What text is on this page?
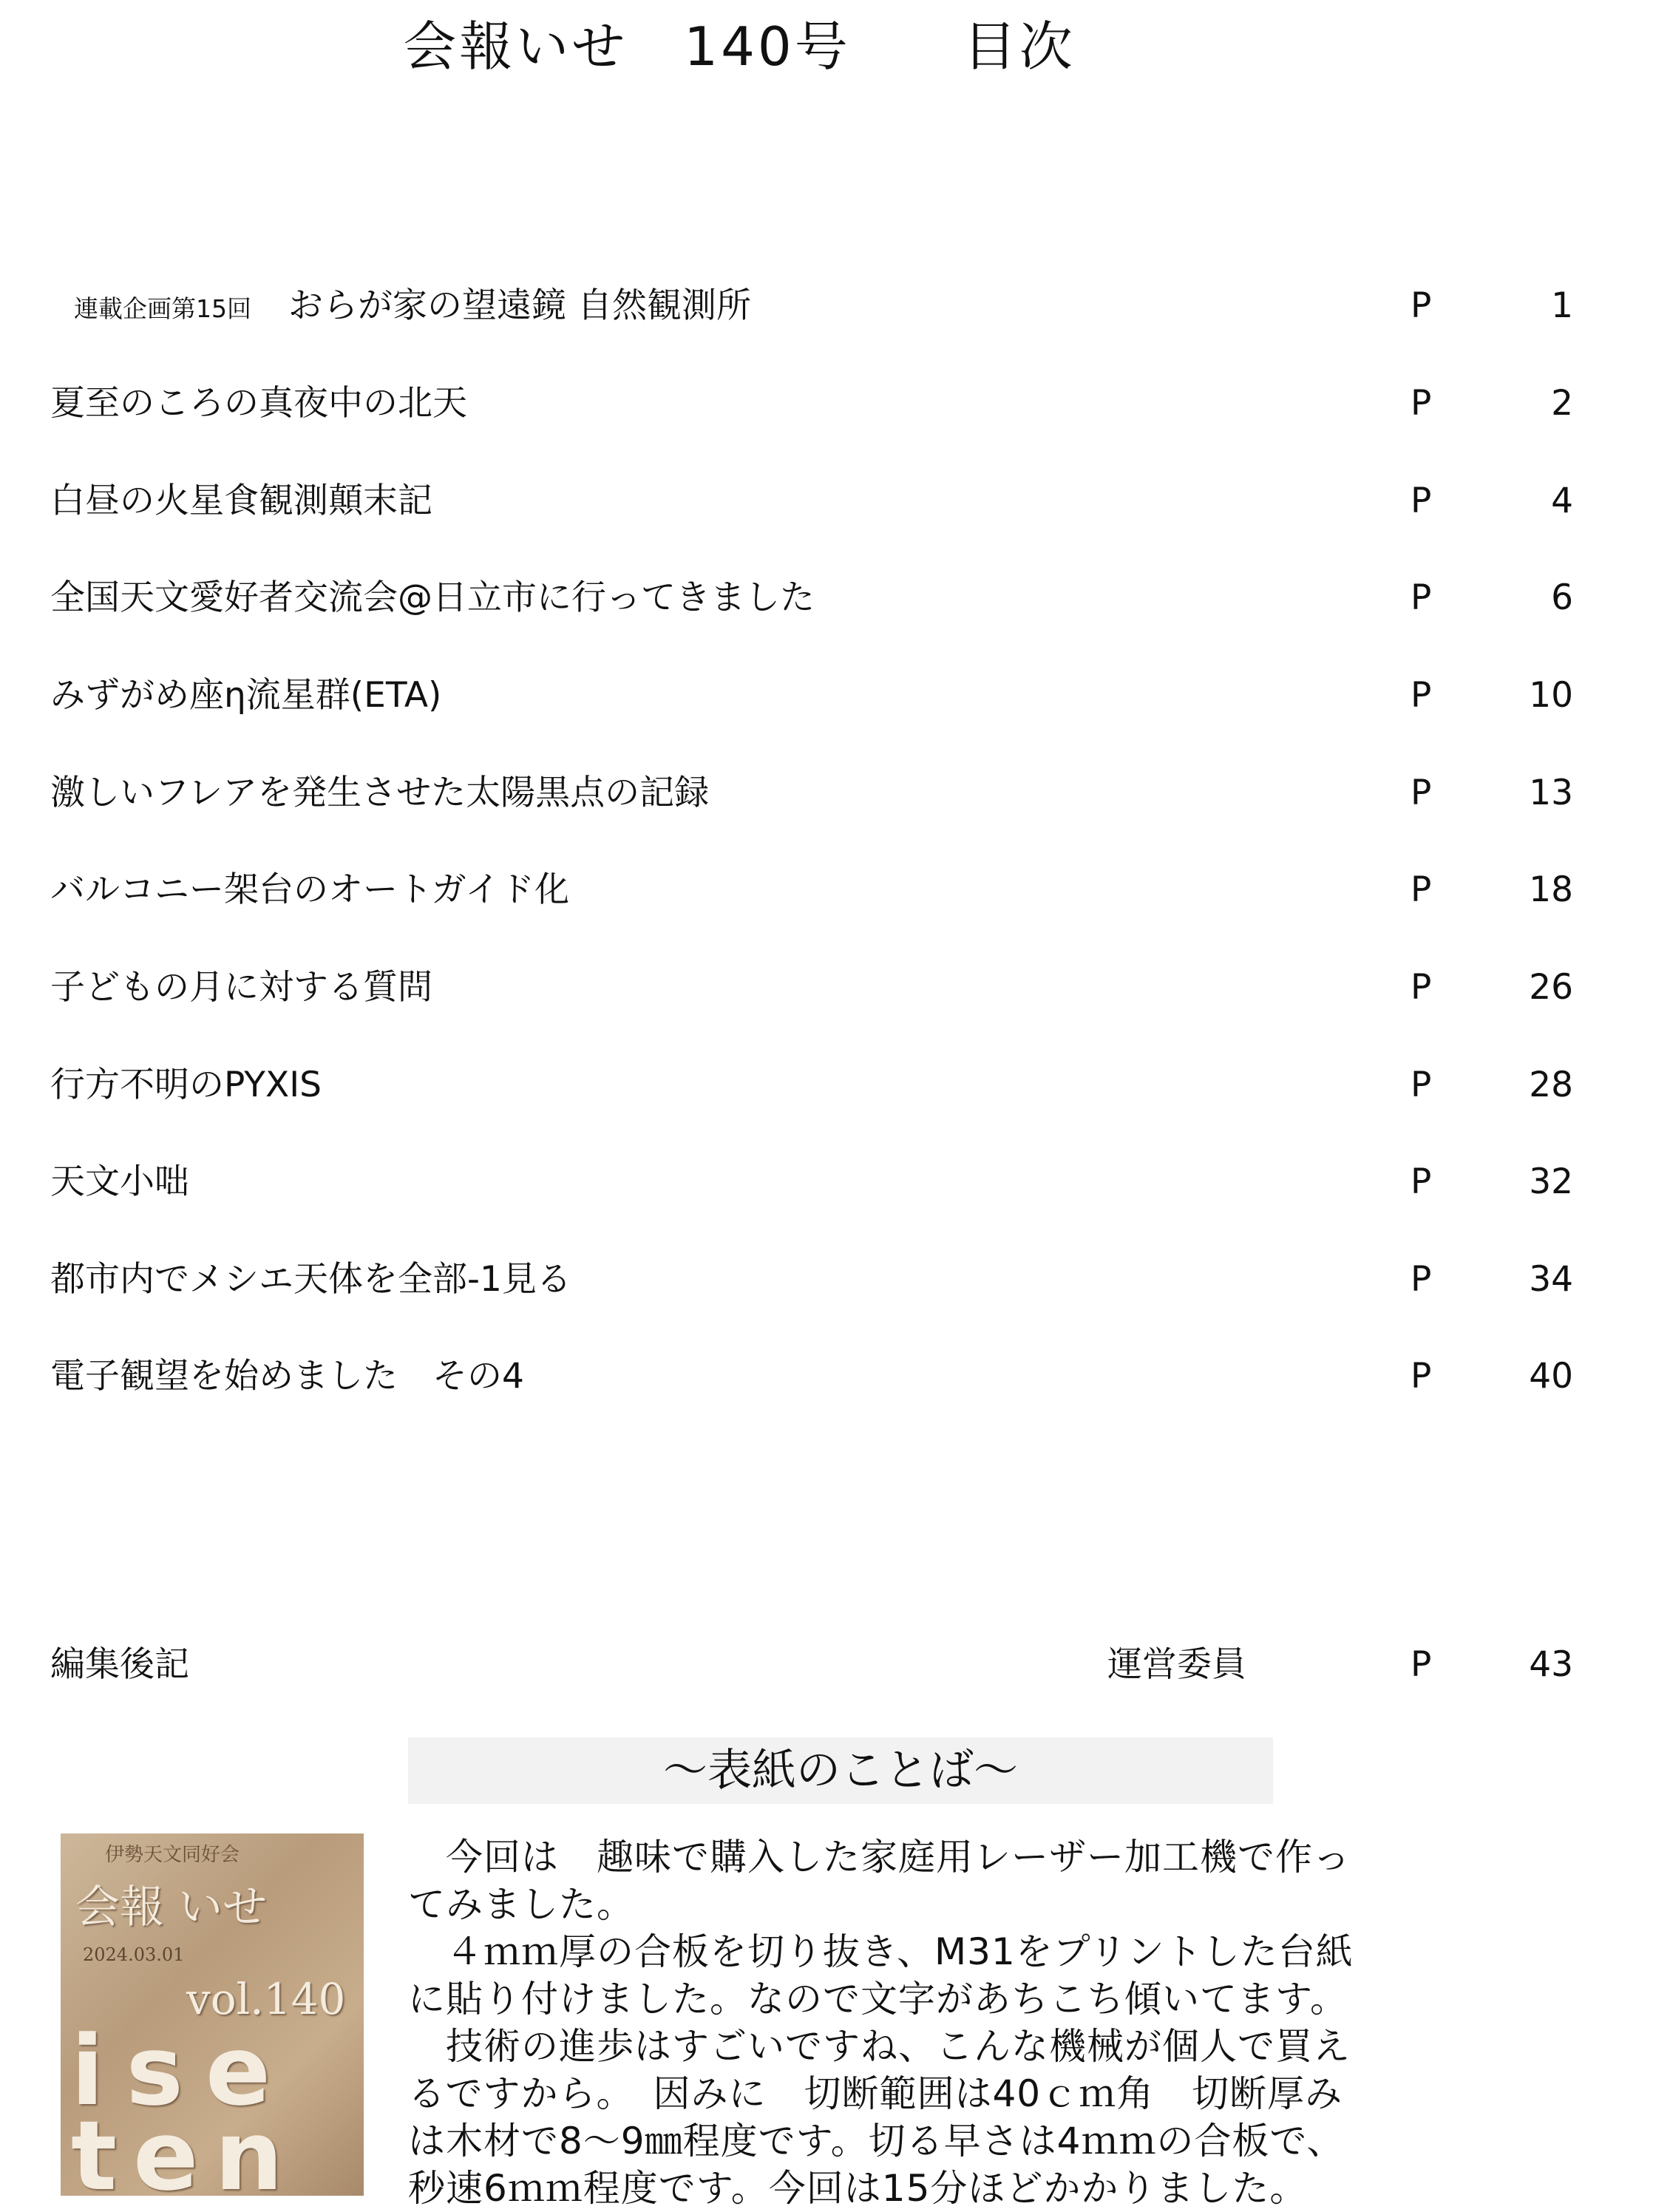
会報いせ　140号　　目次
連載企画第15回 おらが家の望遠鏡 自然観測所	P	1
夏至のころの真夜中の北天	P	2
白昼の火星食観測顛末記	P	4
全国天文愛好者交流会@日立市に行ってきました	P	6
みずがめ座η流星群(ETA)	P	10
激しいフレアを発生させた太陽黒点の記録	P	13
バルコニー架台のオートガイド化	P	18
子どもの月に対する質問	P	26
行方不明のPYXIS	P	28
天文小咄	P	32
都市内でメシエ天体を全部-1見る	P	34
電子観望を始めました　その4	P	40
編集後記	運営委員	P	43
伊勢天文同好会
会報 いせ
2024.03.01
vol.140
ise
ten
〜表紙のことば〜

　今回は　趣味で購入した家庭用レーザー加工機で作っ

てみました。

　４ｍｍ厚の合板を切り抜き、M31をプリントした台紙

に貼り付けました。なので文字があちこち傾いてます。

　技術の進歩はすごいですね、こんな機械が個人で買え

るですから。　因みに　切断範囲は40ｃｍ角　切断厚み

は木材で8〜9㎜程度です。切る早さは4ｍｍの合板で、

秒速6ｍｍ程度です。今回は15分ほどかかりました。
